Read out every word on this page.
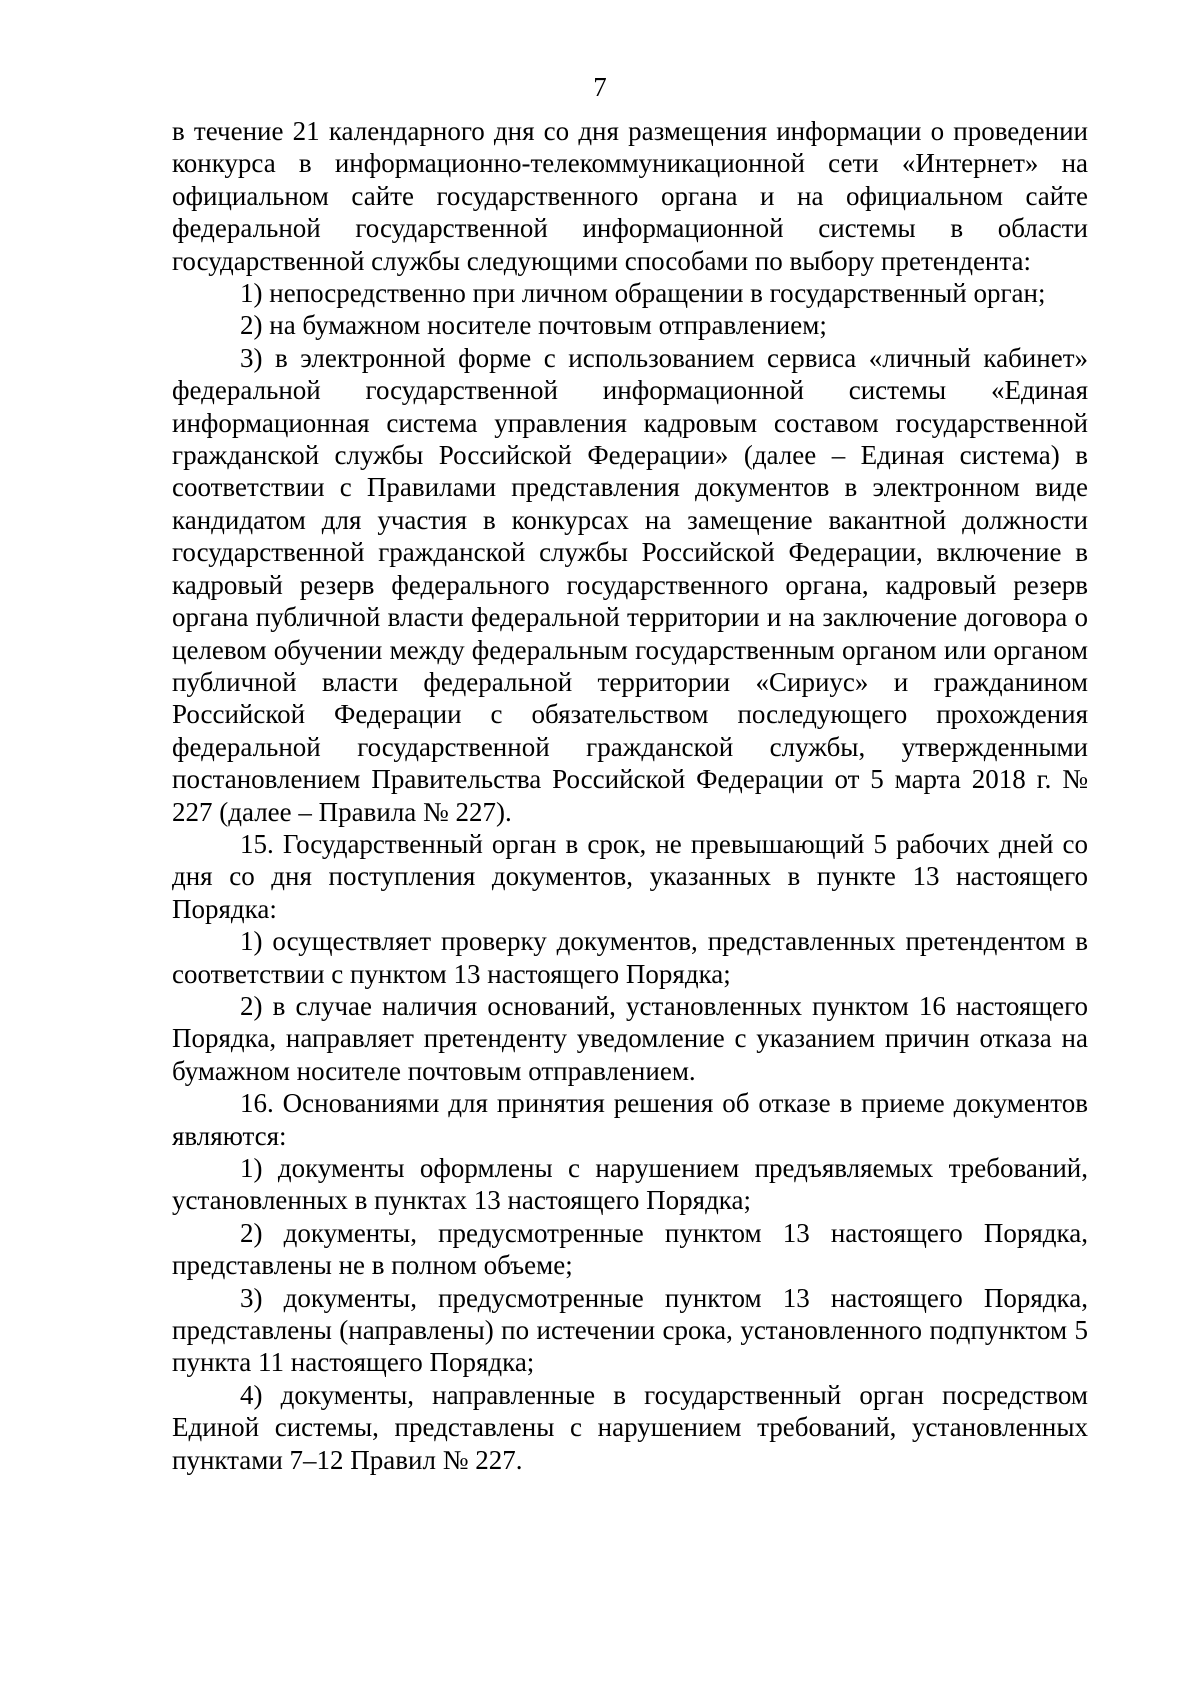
7

в течение 21 календарного дня со дня размещения информации о проведении конкурса в информационно-телекоммуникационной сети «Интернет» на официальном сайте государственного органа и на официальном сайте федеральной государственной информационной системы в области государственной службы следующими способами по выбору претендента:

1) непосредственно при личном обращении в государственный орган;

2) на бумажном носителе почтовым отправлением;

3) в электронной форме с использованием сервиса «личный кабинет» федеральной государственной информационной системы «Единая информационная система управления кадровым составом государственной гражданской службы Российской Федерации» (далее – Единая система) в соответствии с Правилами представления документов в электронном виде кандидатом для участия в конкурсах на замещение вакантной должности государственной гражданской службы Российской Федерации, включение в кадровый резерв федерального государственного органа, кадровый резерв органа публичной власти федеральной территории и на заключение договора о целевом обучении между федеральным государственным органом или органом публичной власти федеральной территории «Сириус» и гражданином Российской Федерации с обязательством последующего прохождения федеральной государственной гражданской службы, утвержденными постановлением Правительства Российской Федерации от 5 марта 2018 г. № 227 (далее – Правила № 227).

15. Государственный орган в срок, не превышающий 5 рабочих дней со дня со дня поступления документов, указанных в пункте 13 настоящего Порядка:

1) осуществляет проверку документов, представленных претендентом в соответствии с пунктом 13 настоящего Порядка;

2) в случае наличия оснований, установленных пунктом 16 настоящего Порядка, направляет претенденту уведомление с указанием причин отказа на бумажном носителе почтовым отправлением.

16. Основаниями для принятия решения об отказе в приеме документов являются:

1) документы оформлены с нарушением предъявляемых требований, установленных в пунктах 13 настоящего Порядка;

2) документы, предусмотренные пунктом 13 настоящего Порядка, представлены не в полном объеме;

3) документы, предусмотренные пунктом 13 настоящего Порядка, представлены (направлены) по истечении срока, установленного подпунктом 5 пункта 11 настоящего Порядка;

4) документы, направленные в государственный орган посредством Единой системы, представлены с нарушением требований, установленных пунктами 7–12 Правил № 227.
